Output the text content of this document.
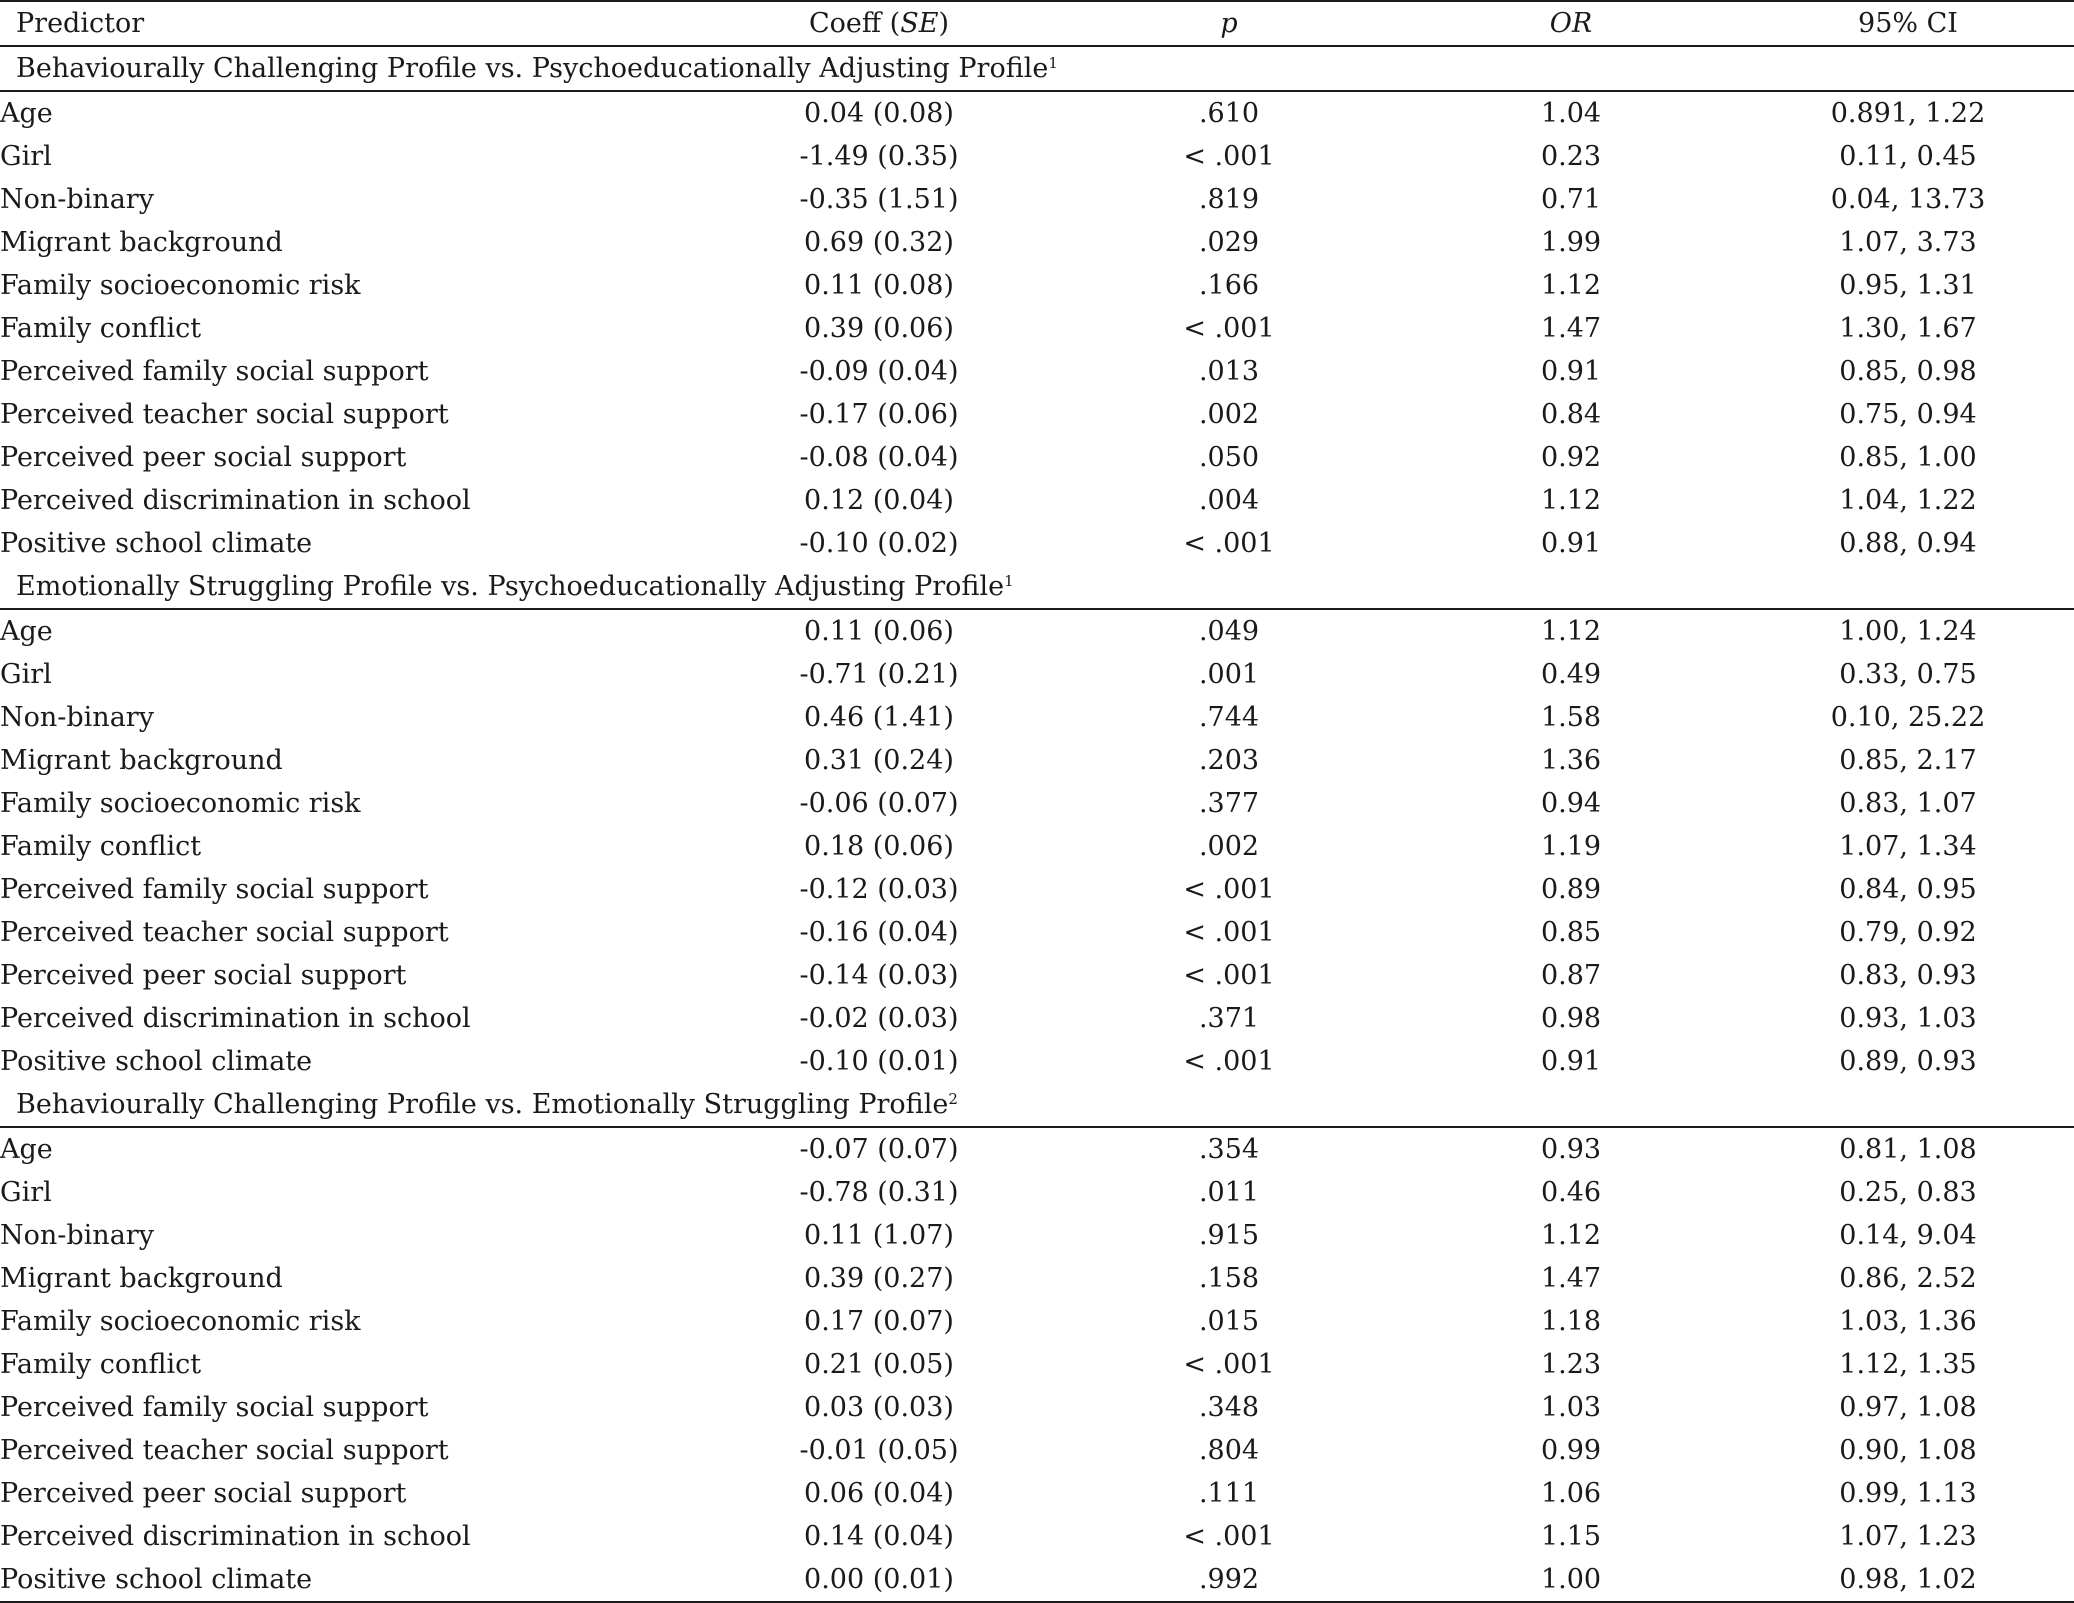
Predictor	Coeff (SE)	p	OR	95% CI
Behaviourally Challenging Profile vs. Psychoeducationally Adjusting Profile$^1$
Age	0.04 (0.08)	.610	1.04	0.891, 1.22
Girl	-1.49 (0.35)	< .001	0.23	0.11, 0.45
Non-binary	-0.35 (1.51)	.819	0.71	0.04, 13.73
Migrant background	0.69 (0.32)	.029	1.99	1.07, 3.73
Family socioeconomic risk	0.11 (0.08)	.166	1.12	0.95, 1.31
Family conflict	0.39 (0.06)	< .001	1.47	1.30, 1.67
Perceived family social support	-0.09 (0.04)	.013	0.91	0.85, 0.98
Perceived teacher social support	-0.17 (0.06)	.002	0.84	0.75, 0.94
Perceived peer social support	-0.08 (0.04)	.050	0.92	0.85, 1.00
Perceived discrimination in school	0.12 (0.04)	.004	1.12	1.04, 1.22
Positive school climate	-0.10 (0.02)	< .001	0.91	0.88, 0.94
Emotionally Struggling Profile vs. Psychoeducationally Adjusting Profile$^1$
Age	0.11 (0.06)	.049	1.12	1.00, 1.24
Girl	-0.71 (0.21)	.001	0.49	0.33, 0.75
Non-binary	0.46 (1.41)	.744	1.58	0.10, 25.22
Migrant background	0.31 (0.24)	.203	1.36	0.85, 2.17
Family socioeconomic risk	-0.06 (0.07)	.377	0.94	0.83, 1.07
Family conflict	0.18 (0.06)	.002	1.19	1.07, 1.34
Perceived family social support	-0.12 (0.03)	< .001	0.89	0.84, 0.95
Perceived teacher social support	-0.16 (0.04)	< .001	0.85	0.79, 0.92
Perceived peer social support	-0.14 (0.03)	< .001	0.87	0.83, 0.93
Perceived discrimination in school	-0.02 (0.03)	.371	0.98	0.93, 1.03
Positive school climate	-0.10 (0.01)	< .001	0.91	0.89, 0.93
Behaviourally Challenging Profile vs. Emotionally Struggling Profile$^2$
Age	-0.07 (0.07)	.354	0.93	0.81, 1.08
Girl	-0.78 (0.31)	.011	0.46	0.25, 0.83
Non-binary	0.11 (1.07)	.915	1.12	0.14, 9.04
Migrant background	0.39 (0.27)	.158	1.47	0.86, 2.52
Family socioeconomic risk	0.17 (0.07)	.015	1.18	1.03, 1.36
Family conflict	0.21 (0.05)	< .001	1.23	1.12, 1.35
Perceived family social support	0.03 (0.03)	.348	1.03	0.97, 1.08
Perceived teacher social support	-0.01 (0.05)	.804	0.99	0.90, 1.08
Perceived peer social support	0.06 (0.04)	.111	1.06	0.99, 1.13
Perceived discrimination in school	0.14 (0.04)	< .001	1.15	1.07, 1.23
Positive school climate	0.00 (0.01)	.992	1.00	0.98, 1.02
